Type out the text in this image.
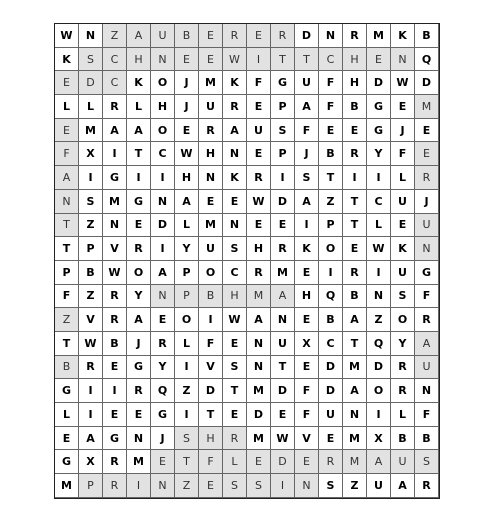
W	N	Z	A	U	B	E	R	E	R	D	N	R	M	K	B
K	S	C	H	N	E	E	W	I	T	T	C	H	E	N	Q
E	D	C	K	O	J	M	K	F	G	U	F	H	D	W	D
L	L	R	L	H	J	U	R	E	P	A	F	B	G	E	M
E	M	A	A	O	E	R	A	U	S	F	E	E	G	J	E
F	X	I	T	C	W	H	N	E	P	J	B	R	Y	F	E
A	I	G	I	I	H	N	K	R	I	S	T	I	I	L	R
N	S	M	G	N	A	E	E	W	D	A	Z	T	C	U	J
T	Z	N	E	D	L	M	N	E	E	I	P	T	L	E	U
T	P	V	R	I	Y	U	S	H	R	K	O	E	W	K	N
P	B	W	O	A	P	O	C	R	M	E	I	R	I	U	G
F	Z	R	Y	N	P	B	H	M	A	H	Q	B	N	S	F
Z	V	R	A	E	O	I	W	A	N	E	B	A	Z	O	R
T	W	B	J	R	L	F	E	N	U	X	C	T	Q	Y	A
B	R	E	G	Y	I	V	S	N	T	E	D	M	D	R	U
G	I	I	R	Q	Z	D	T	M	D	F	D	A	O	R	N
L	I	E	E	G	I	T	E	D	E	F	U	N	I	L	F
E	A	G	N	J	S	H	R	M	W	V	E	M	X	B	B
G	X	R	M	E	T	F	L	E	D	E	R	M	A	U	S
M	P	R	I	N	Z	E	S	S	I	N	S	Z	U	A	R
